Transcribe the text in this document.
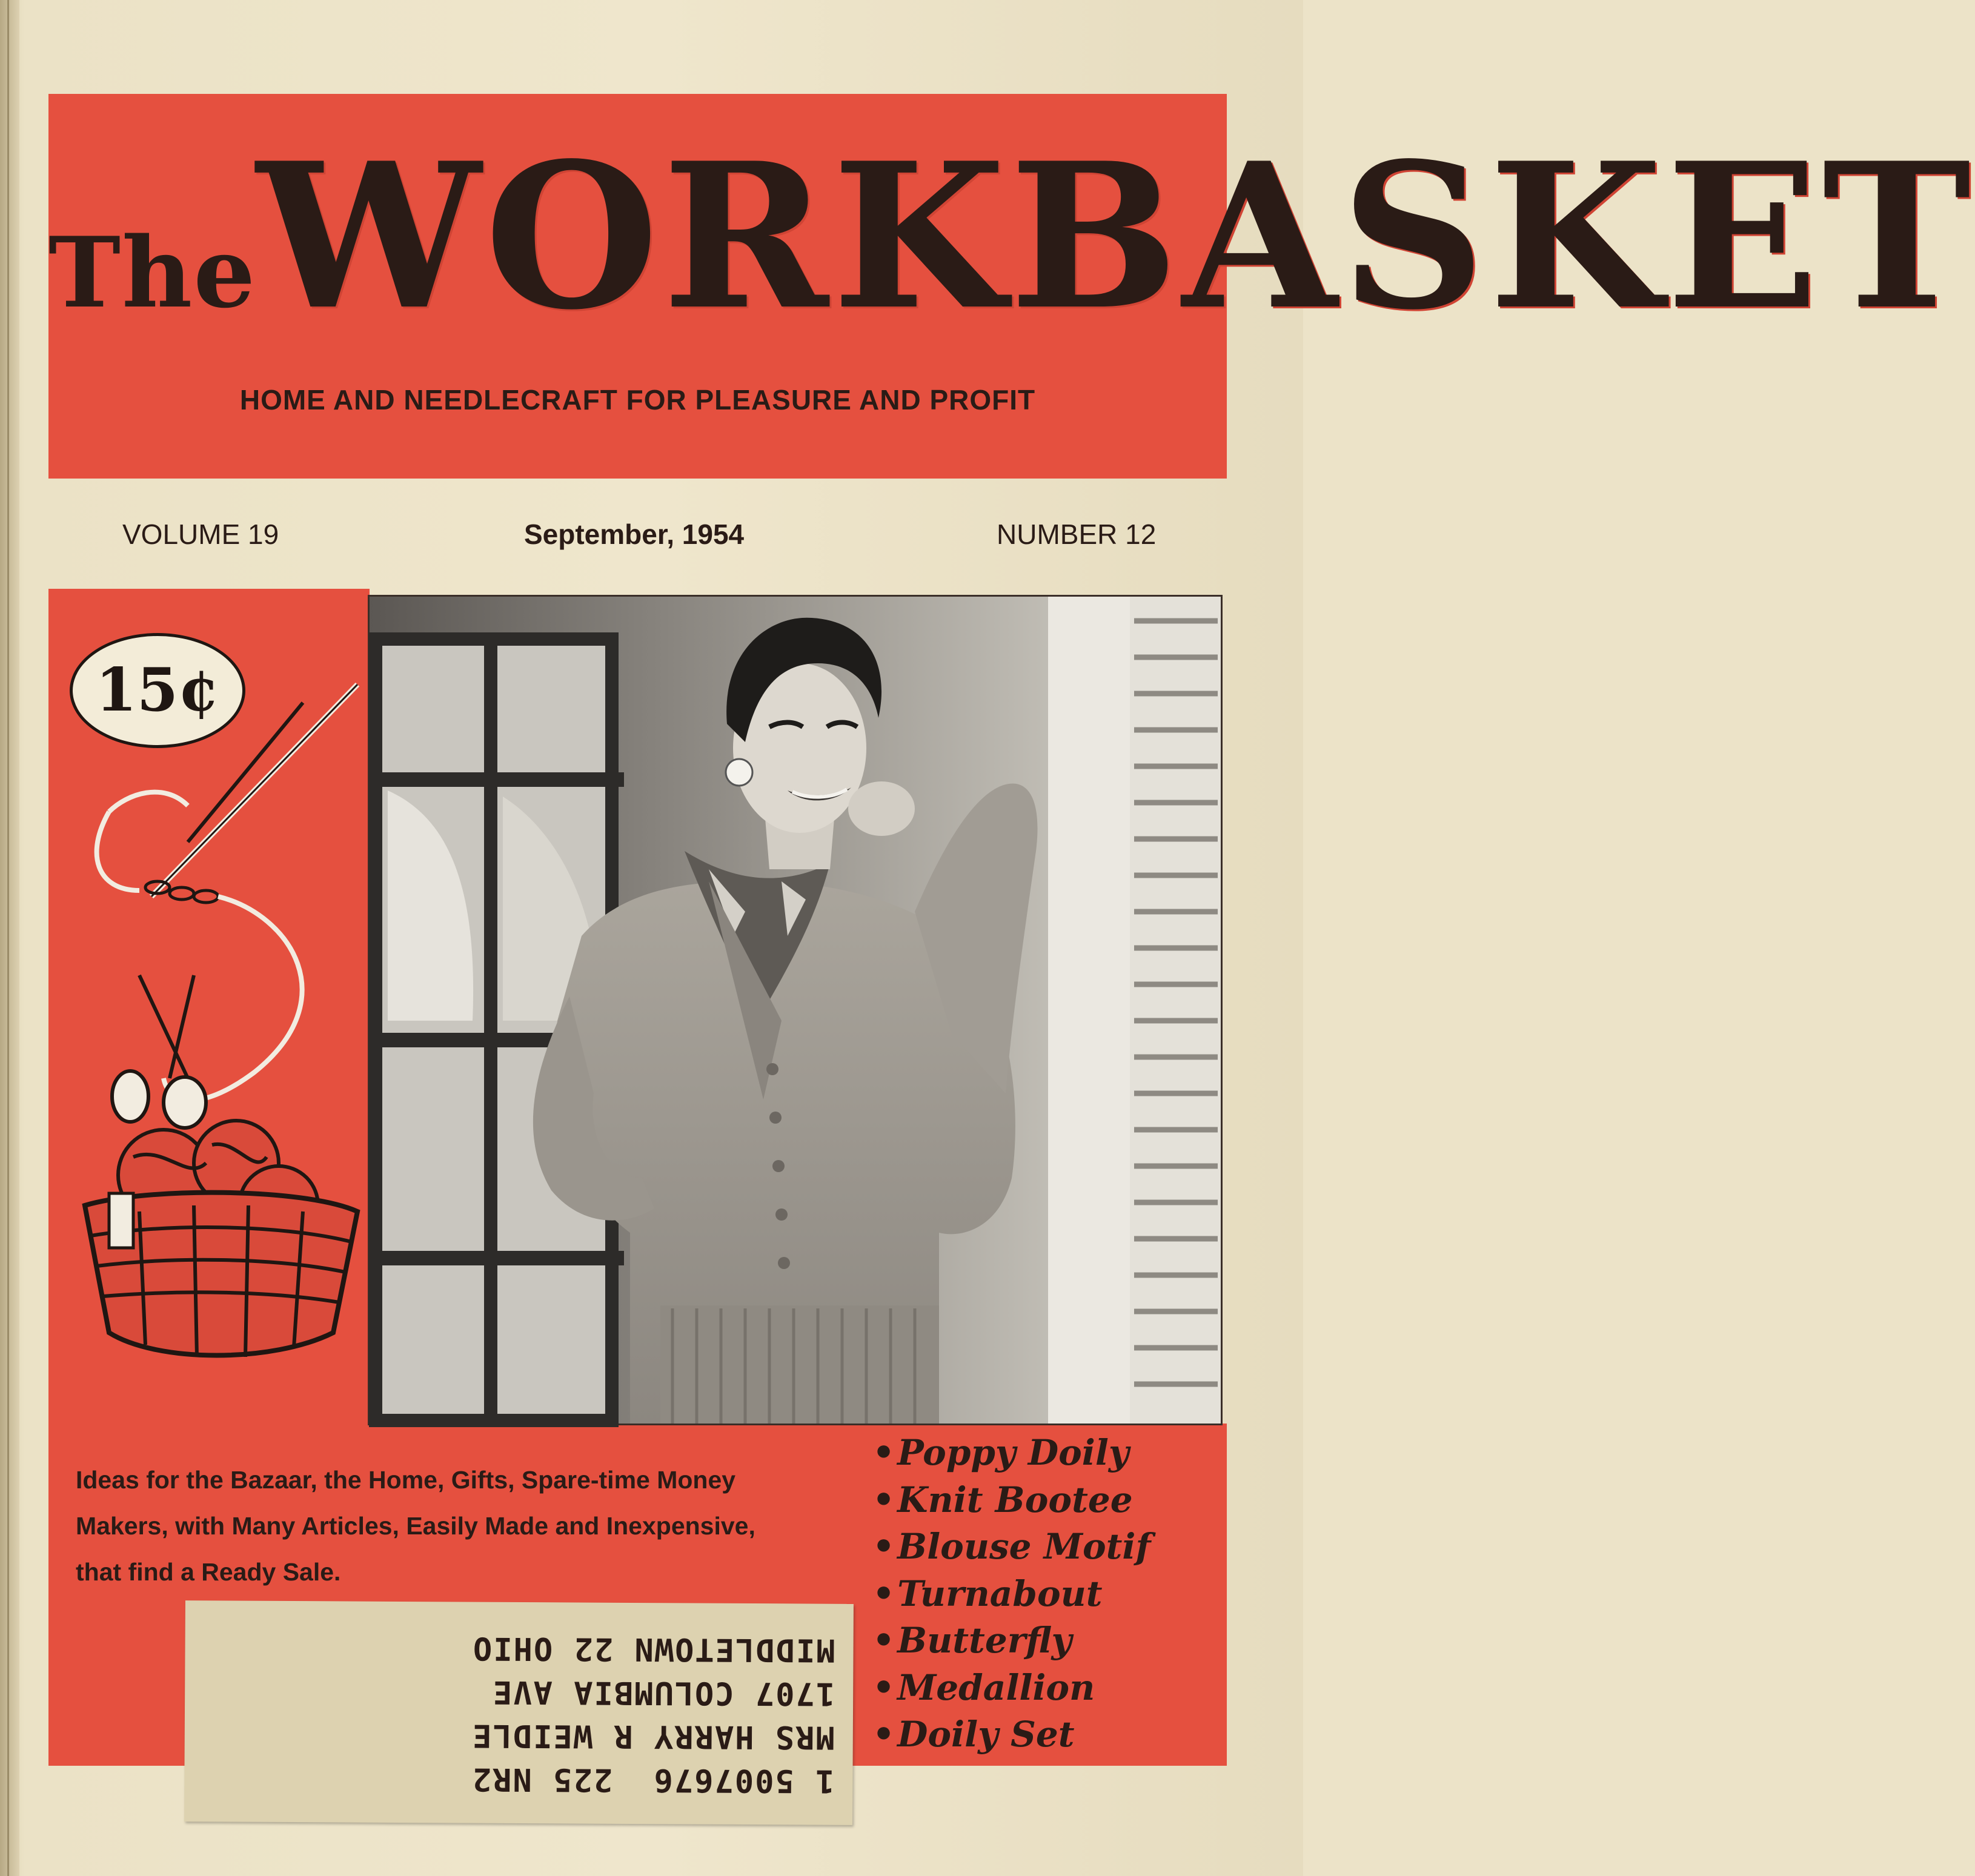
TheWORKBASKET
HOME AND NEEDLECRAFT FOR PLEASURE AND PROFIT
VOLUME 19	September, 1954	NUMBER 12
15¢

Ideas for the Bazaar, the Home, Gifts, Spare-time Money Makers, with Many Articles, Easily Made and Inexpensive, that find a Ready Sale.

• Poppy Doily
• Knit Bootee
• Blouse Motif
• Turnabout
• Butterfly
• Medallion
• Doily Set
1 5007676  225 NR2
MRS HARRY R WEIDLE
1707 COLUMBIA AVE
MIDDLETOWN 22 OHIO
